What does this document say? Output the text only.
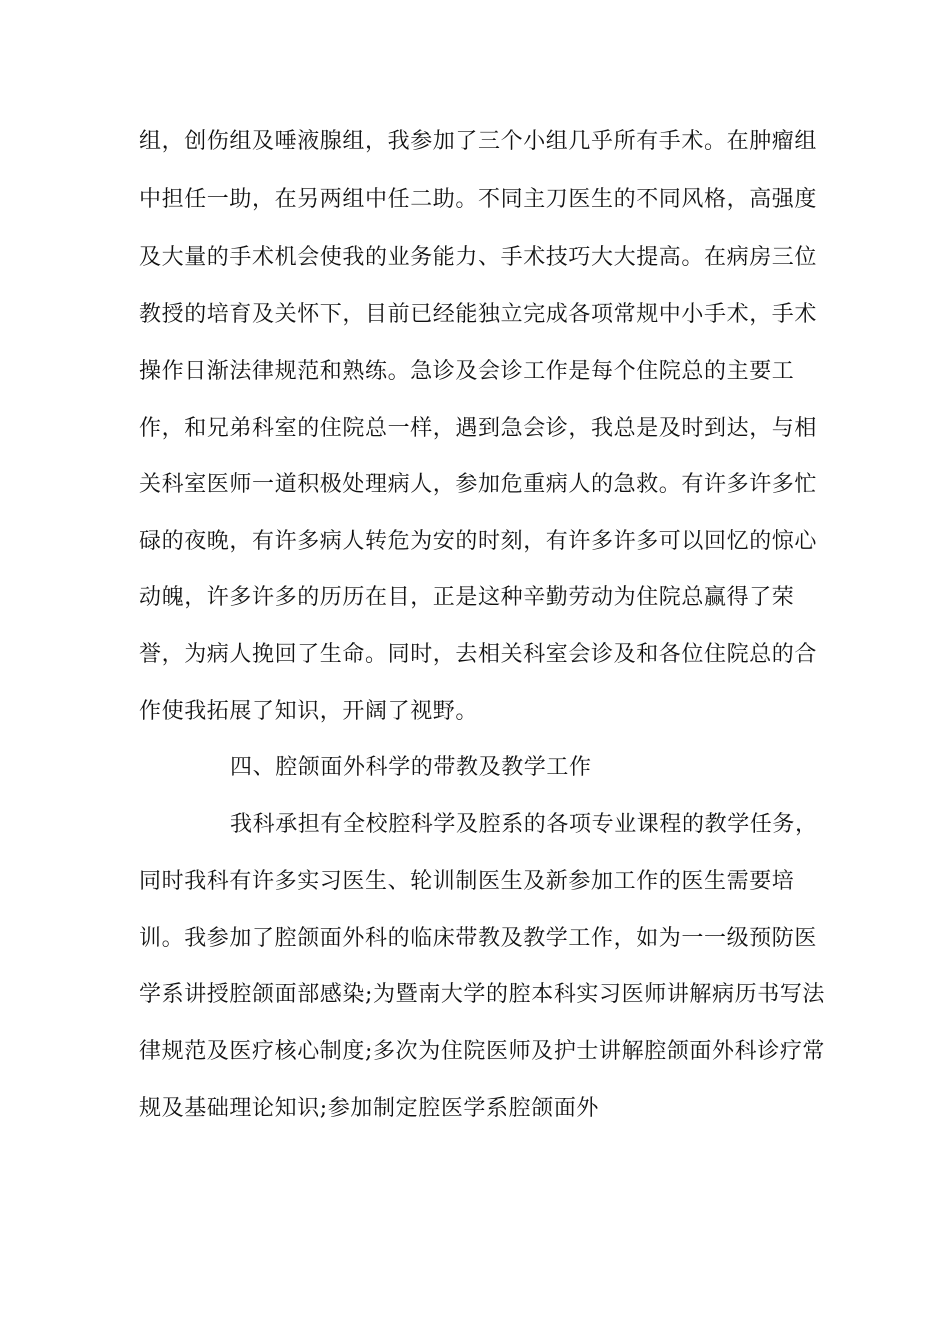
组，创伤组及唾液腺组，我参加了三个小组几乎所有手术。在肿瘤组
中担任一助，在另两组中任二助。不同主刀医生的不同风格，高强度
及大量的手术机会使我的业务能力、手术技巧大大提高。在病房三位
教授的培育及关怀下，目前已经能独立完成各项常规中小手术，手术
操作日渐法律规范和熟练。急诊及会诊工作是每个住院总的主要工
作，和兄弟科室的住院总一样，遇到急会诊，我总是及时到达，与相
关科室医师一道积极处理病人，参加危重病人的急救。有许多许多忙
碌的夜晚，有许多病人转危为安的时刻，有许多许多可以回忆的惊心
动魄，许多许多的历历在目，正是这种辛勤劳动为住院总赢得了荣
誉，为病人挽回了生命。同时，去相关科室会诊及和各位住院总的合
作使我拓展了知识，开阔了视野。
四、腔颌面外科学的带教及教学工作
我科承担有全校腔科学及腔系的各项专业课程的教学任务，
同时我科有许多实习医生、轮训制医生及新参加工作的医生需要培
训。我参加了腔颌面外科的临床带教及教学工作，如为一一级预防医
学系讲授腔颌面部感染;为暨南大学的腔本科实习医师讲解病历书写法
律规范及医疗核心制度;多次为住院医师及护士讲解腔颌面外科诊疗常
规及基础理论知识;参加制定腔医学系腔颌面外
